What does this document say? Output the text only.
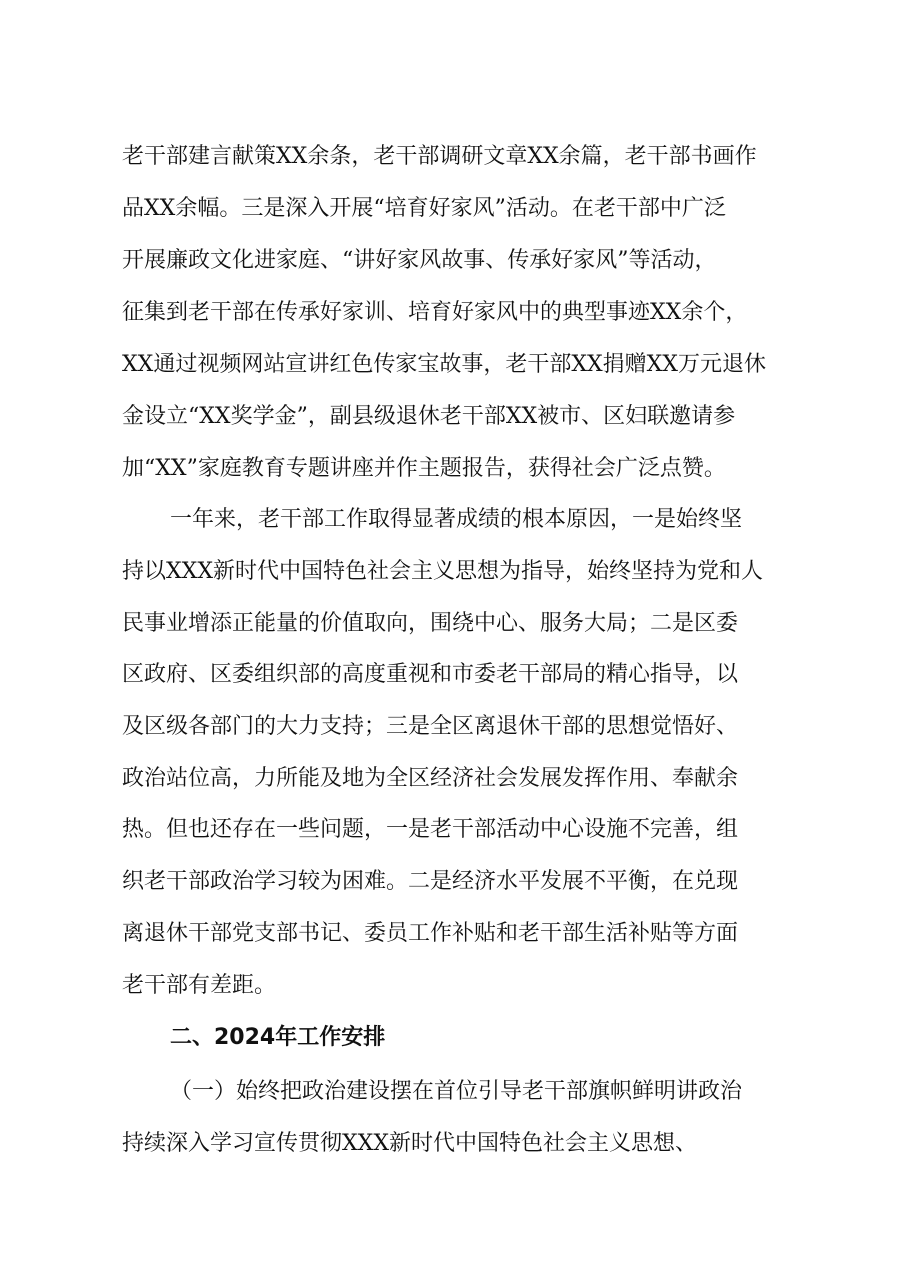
老干部建言献策XX余条，老干部调研文章XX余篇，老干部书画作
品XX余幅。三是深入开展“培育好家风”活动。在老干部中广泛
开展廉政文化进家庭、“讲好家风故事、传承好家风”等活动，
征集到老干部在传承好家训、培育好家风中的典型事迹XX余个，
XX通过视频网站宣讲红色传家宝故事，老干部XX捐赠XX万元退休
金设立“XX奖学金”，副县级退休老干部XX被市、区妇联邀请参
加“XX”家庭教育专题讲座并作主题报告，获得社会广泛点赞。
一年来，老干部工作取得显著成绩的根本原因，一是始终坚
持以XXX新时代中国特色社会主义思想为指导，始终坚持为党和人
民事业增添正能量的价值取向，围绕中心、服务大局；二是区委
区政府、区委组织部的高度重视和市委老干部局的精心指导，以
及区级各部门的大力支持；三是全区离退休干部的思想觉悟好、
政治站位高，力所能及地为全区经济社会发展发挥作用、奉献余
热。但也还存在一些问题，一是老干部活动中心设施不完善，组
织老干部政治学习较为困难。二是经济水平发展不平衡，在兑现
离退休干部党支部书记、委员工作补贴和老干部生活补贴等方面
老干部有差距。
二、2024年工作安排
（一）始终把政治建设摆在首位引导老干部旗帜鲜明讲政治
持续深入学习宣传贯彻XXX新时代中国特色社会主义思想、
